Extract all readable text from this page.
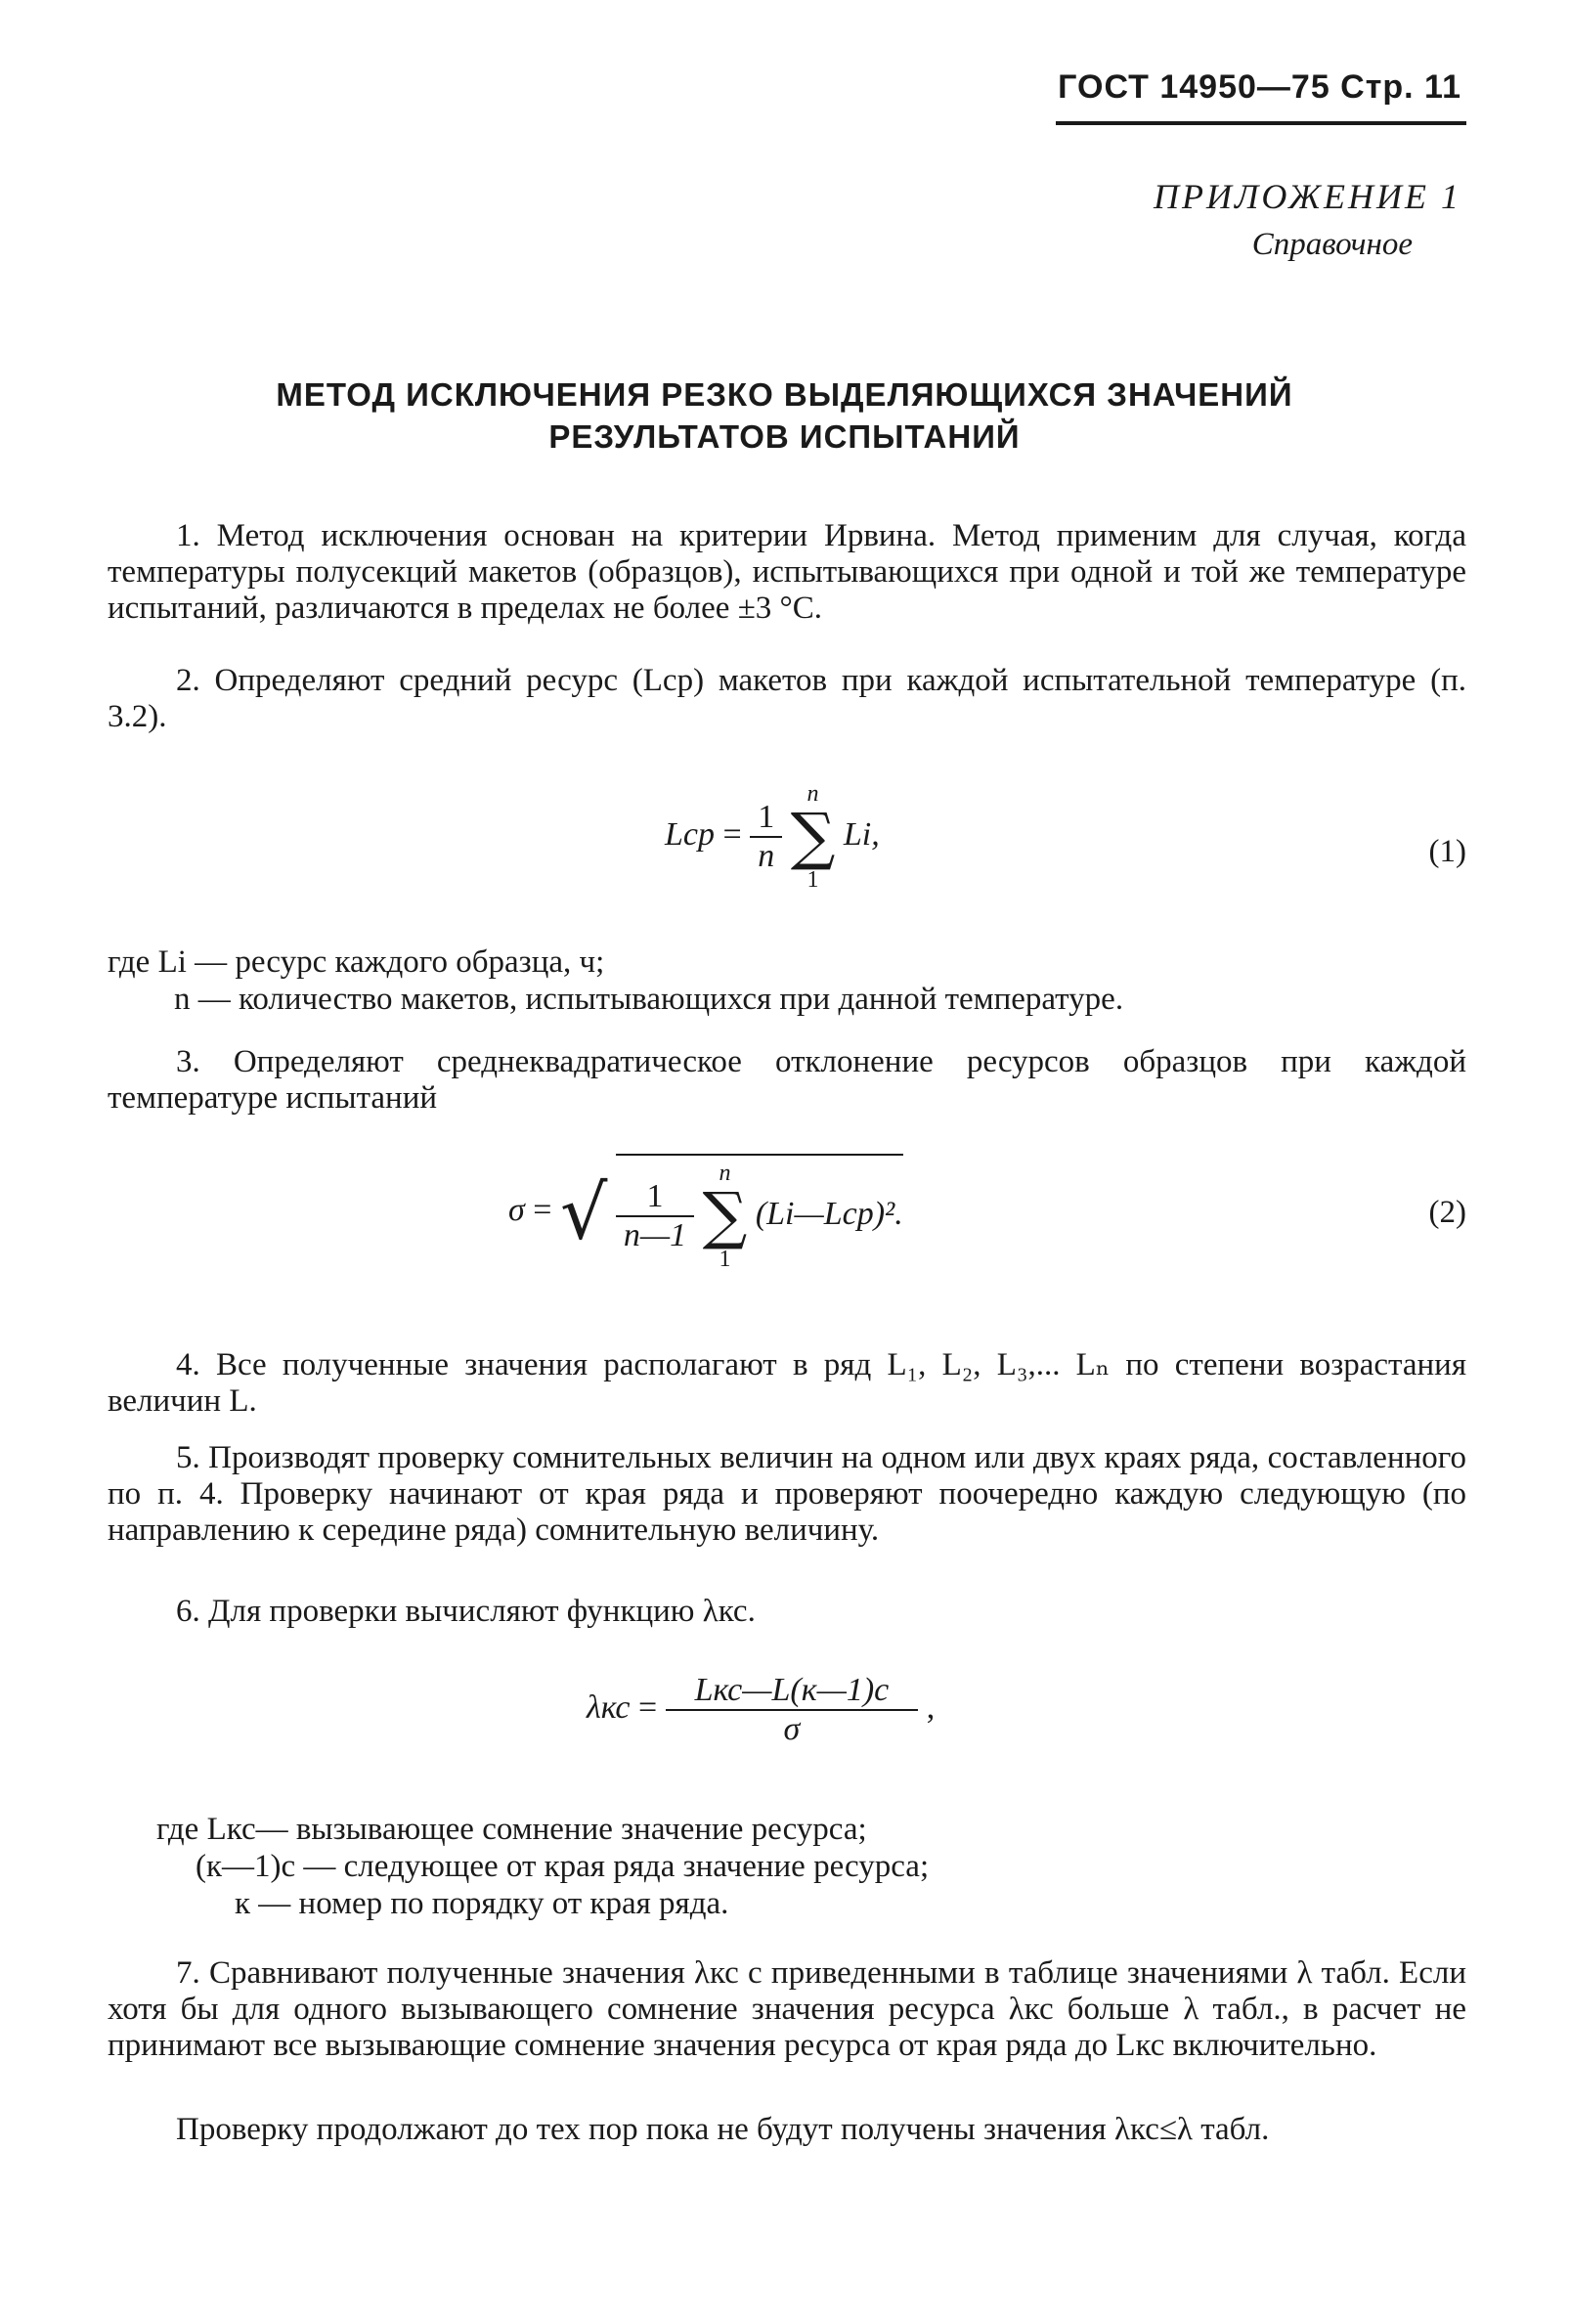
ГОСТ 14950—75 Стр. 11
ПРИЛОЖЕНИЕ 1
Справочное
МЕТОД ИСКЛЮЧЕНИЯ РЕЗКО ВЫДЕЛЯЮЩИХСЯ ЗНАЧЕНИЙ
РЕЗУЛЬТАТОВ ИСПЫТАНИЙ
1. Метод исключения основан на критерии Ирвина. Метод применим для случая, когда температуры полусекций макетов (образцов), испытывающихся при одной и той же температуре испытаний, различаются в пределах не более ±3 °С.
2. Определяют средний ресурс (Lср) макетов при каждой испытательной температуре (п. 3.2).
Lср = $\frac{1}{n}$

n
∑
1
Li,	(1)
где Li — ресурс каждого образца, ч;
n — количество макетов, испытывающихся при данной температуре.
3. Определяют среднеквадратическое отклонение ресурсов образцов при каждой температуре испытаний
σ = √ $\frac{1}{n—1}$

n
∑
1
(Li—Lср)².	(2)
4. Все полученные значения располагают в ряд L₁, L₂, L₃,... Lₙ по степени возрастания величин L.
5. Производят проверку сомнительных величин на одном или двух краях ряда, составленного по п. 4. Проверку начинают от края ряда и проверяют поочередно каждую следующую (по направлению к середине ряда) сомнительную величину.
6. Для проверки вычисляют функцию λкс.
$\lambda кс = \frac{\text{Lкс—L(к—1)с}}{\sigma}$ ,
где Lкс— вызывающее сомнение значение ресурса;
(к—1)с — следующее от края ряда значение ресурса;
к — номер по порядку от края ряда.
7. Сравнивают полученные значения λкс с приведенными в таблице значениями λ табл. Если хотя бы для одного вызывающего сомнение значения ресурса λкс больше λ табл., в расчет не принимают все вызывающие сомнение значения ресурса от края ряда до Lкс включительно.
Проверку продолжают до тех пор пока не будут получены значения λкс≤λ табл.
